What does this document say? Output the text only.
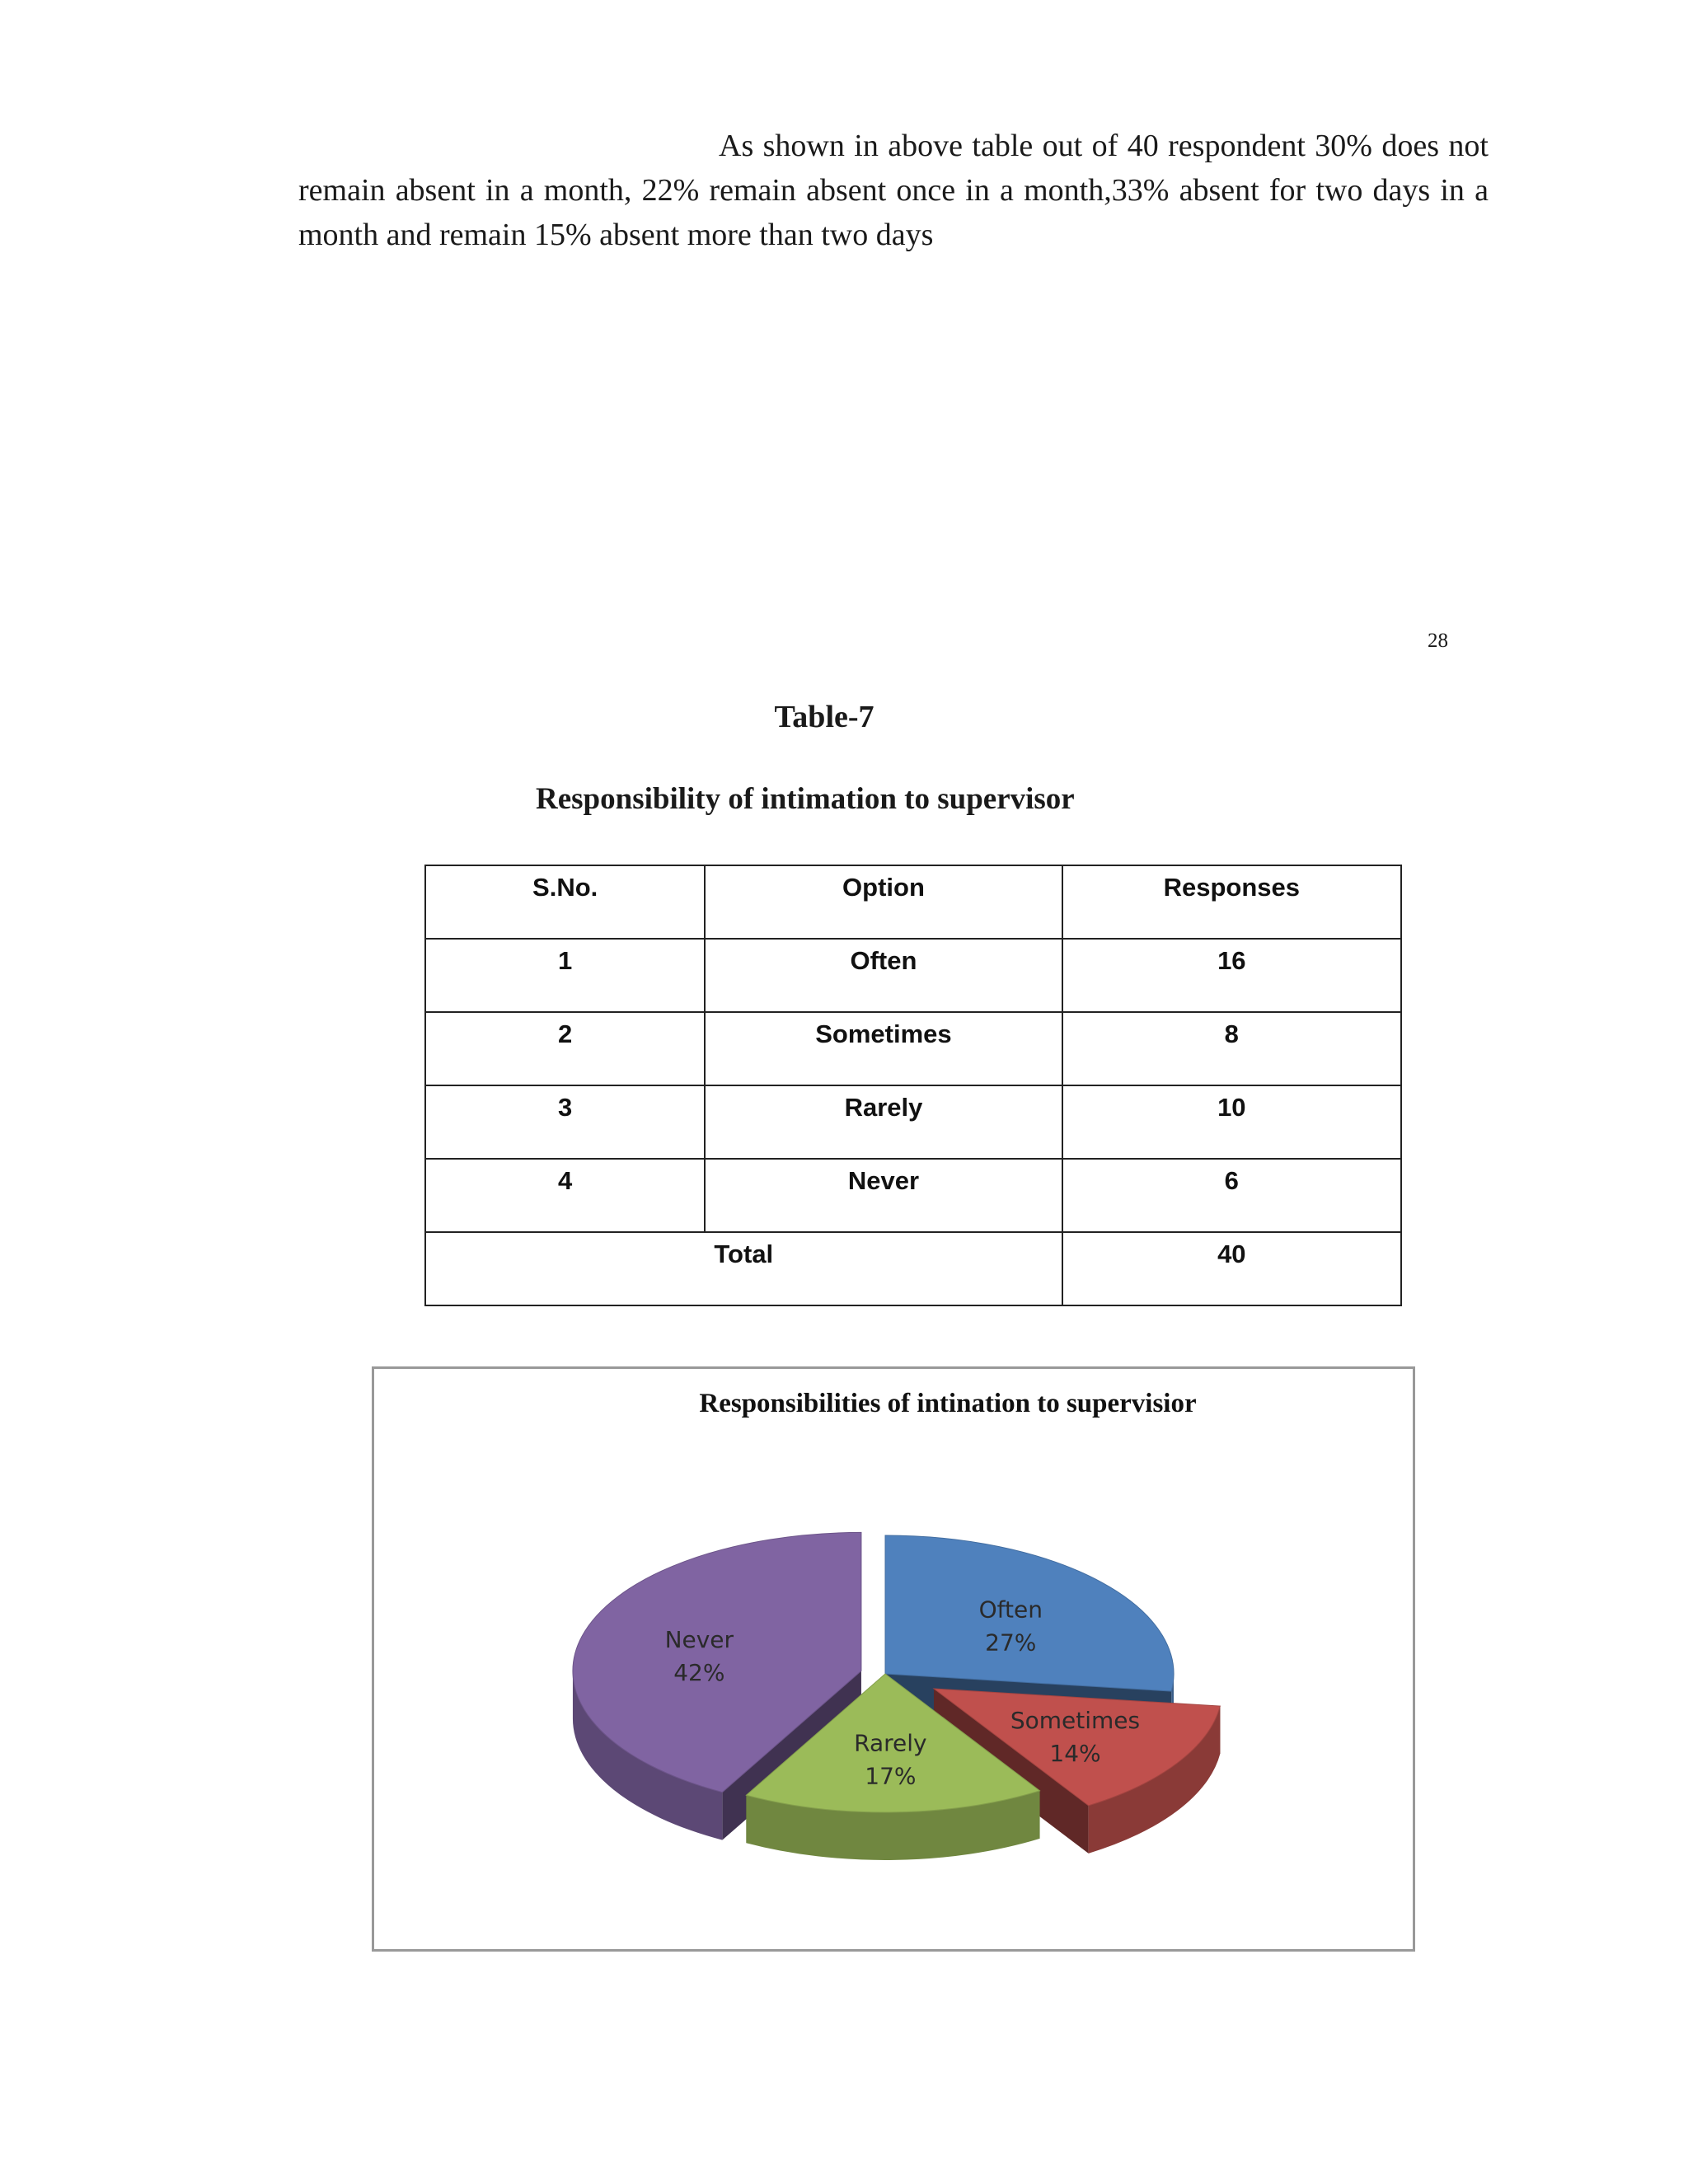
As shown in above table out of 40 respondent 30% does not remain absent in a month, 22% remain absent once in a month,33% absent for two days in a month and remain 15% absent more than two days

28
Table-7
Responsibility of intimation to supervisor
S.No.	Option	Responses
1	Often	16
2	Sometimes	8
3	Rarely	10
4	Never	6
Total		40
Responsibilities of intination to supervisior
Often
27%
Sometimes
14%
Rarely
17%
Never
42%
